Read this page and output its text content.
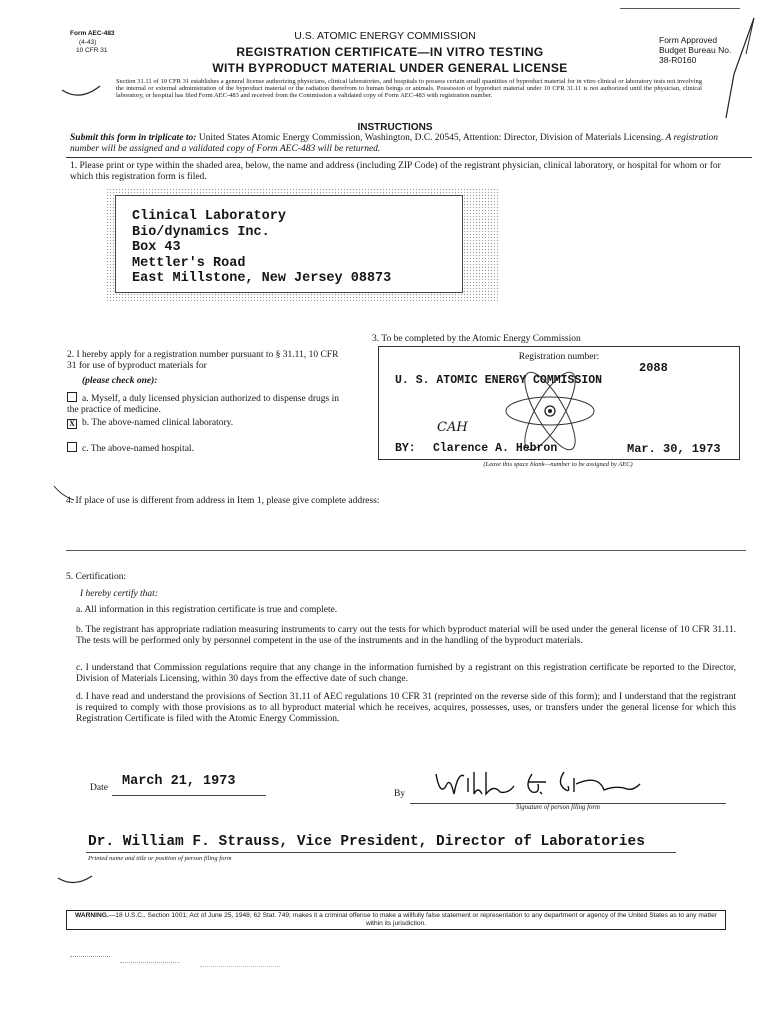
Form AEC-483
(4-43)
10 CFR 31
U.S. ATOMIC ENERGY COMMISSION
REGISTRATION CERTIFICATE—IN VITRO TESTING
WITH BYPRODUCT MATERIAL UNDER GENERAL LICENSE
Form Approved
Budget Bureau No.
38-R0160
Section 31.11 of 10 CFR 31 establishes a general license authorizing physicians, clinical laboratories, and hospitals to possess certain small quantities of byproduct material for in vitro clinical or laboratory tests not involving the internal or external administration of the byproduct material or the radiation therefrom to human beings or animals. Possession of byproduct material under 10 CFR 31.11 is not authorized until the physician, clinical laboratory, or hospital has filed Form AEC-483 and received from the Commission a validated copy of Form AEC-483 with registration number.
INSTRUCTIONS
Submit this form in triplicate to: United States Atomic Energy Commission, Washington, D.C. 20545, Attention: Director, Division of Materials Licensing. A registration number will be assigned and a validated copy of Form AEC-483 will be returned.
1. Please print or type within the shaded area, below, the name and address (including ZIP Code) of the registrant physician, clinical laboratory, or hospital for whom or for which this registration form is filed.
Clinical Laboratory
Bio/dynamics Inc.
Box 43
Mettler's Road
East Millstone, New Jersey 08873
2. I hereby apply for a registration number pursuant to § 31.11, 10 CFR 31 for use of byproduct materials for
(please check one):
a. Myself, a duly licensed physician authorized to dispense drugs in the practice of medicine.
X b. The above-named clinical laboratory.
c. The above-named hospital.
3. To be completed by the Atomic Energy Commission
Registration number:
2088
U. S. ATOMIC ENERGY COMMISSION
CAH
BY: Clarence A. Hebron	Mar. 30, 1973
(Leave this space blank—number to be assigned by AEC)
4. If place of use is different from address in Item 1, please give complete address:
5. Certification:
I hereby certify that:
a. All information in this registration certificate is true and complete.
b. The registrant has appropriate radiation measuring instruments to carry out the tests for which byproduct material will be used under the general license of 10 CFR 31.11. The tests will be performed only by personnel competent in the use of the instruments and in the handling of the byproduct materials.
c. I understand that Commission regulations require that any change in the information furnished by a registrant on this registration certificate be reported to the Director, Division of Materials Licensing, within 30 days from the effective date of such change.
d. I have read and understand the provisions of Section 31.11 of AEC regulations 10 CFR 31 (reprinted on the reverse side of this form); and I understand that the registrant is required to comply with those provisions as to all byproduct material which he receives, acquires, possesses, uses, or transfers under the general license for which this Registration Certificate is filed with the Atomic Energy Commission.
Date March 21, 1973
By
Signature of person filing form
Dr. William F. Strauss, Vice President, Director of Laboratories
Printed name and title or position of person filing form
WARNING.—18 U.S.C., Section 1001; Act of June 25, 1948; 62 Stat. 749; makes it a criminal offense to make a willfully false statement or representation to any department or agency of the United States as to any matter within its jurisdiction.
